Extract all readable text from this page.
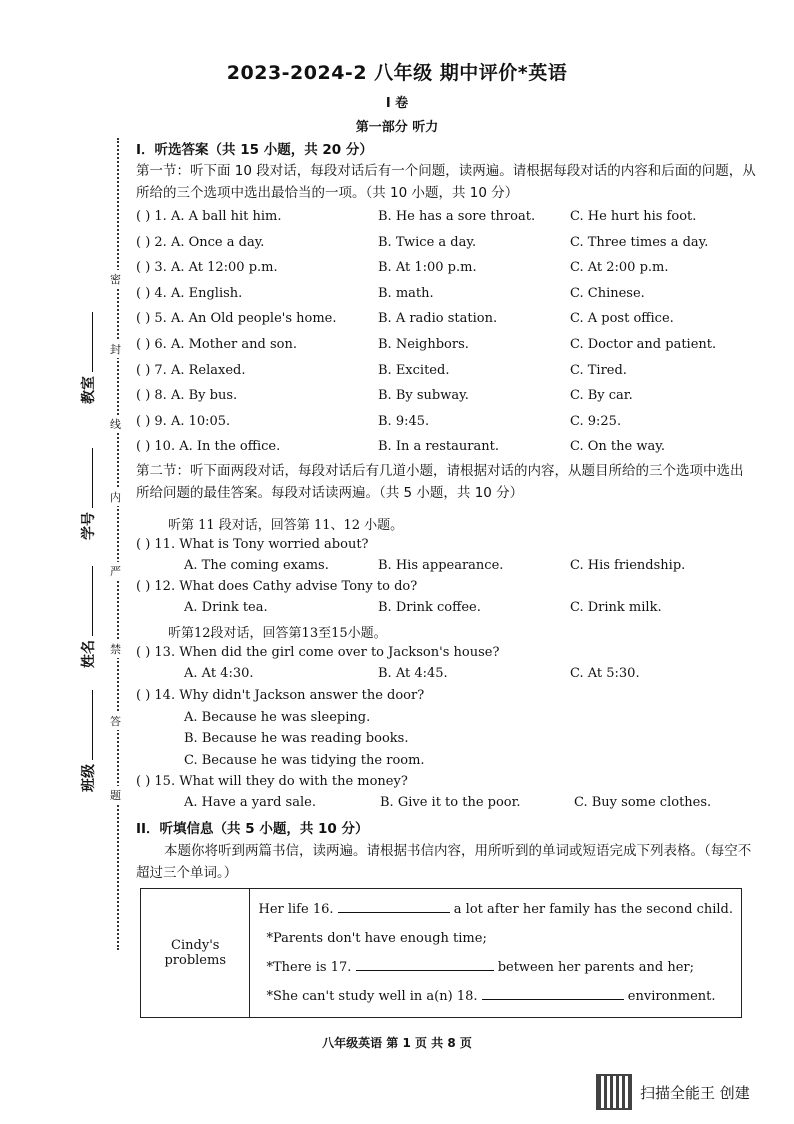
2023-2024-2 八年级 期中评价*英语
I 卷
第一部分 听力
密
封
线
内
严
禁
答
题
教室
学号
姓名
班级
I．听选答案（共 15 小题，共 20 分）
第一节：听下面 10 段对话，每段对话后有一个问题，读两遍。请根据每段对话的内容和后面的问题，从所给的三个选项中选出最恰当的一项。（共 10 小题，共 10 分）
( ) 1. A. A ball hit him.	B. He has a sore throat.	C. He hurt his foot.
( ) 2. A. Once a day.	B. Twice a day.	C. Three times a day.
( ) 3. A. At 12:00 p.m.	B. At 1:00 p.m.	C. At 2:00 p.m.
( ) 4. A. English.	B. math.	C. Chinese.
( ) 5. A. An Old people's home.	B. A radio station.	C. A post office.
( ) 6. A. Mother and son.	B. Neighbors.	C. Doctor and patient.
( ) 7. A. Relaxed.	B. Excited.	C. Tired.
( ) 8. A. By bus.	B. By subway.	C. By car.
( ) 9. A. 10:05.	B. 9:45.	C. 9:25.
( ) 10. A. In the office.	B. In a restaurant.	C. On the way.
第二节：听下面两段对话，每段对话后有几道小题，请根据对话的内容，从题目所给的三个选项中选出所给问题的最佳答案。每段对话读两遍。（共 5 小题，共 10 分）
听第 11 段对话，回答第 11、12 小题。
( ) 11. What is Tony worried about?
A. The coming exams.	B. His appearance.	C. His friendship.
( ) 12. What does Cathy advise Tony to do?
A. Drink tea.	B. Drink coffee.	C. Drink milk.
听第12段对话，回答第13至15小题。
( ) 13. When did the girl come over to Jackson's house?
A. At 4:30.	B. At 4:45.	C. At 5:30.
( ) 14. Why didn't Jackson answer the door?
A. Because he was sleeping.
B. Because he was reading books.
C. Because he was tidying the room.
( ) 15. What will they do with the money?
A. Have a yard sale.	B. Give it to the poor.	C. Buy some clothes.
II．听填信息（共 5 小题，共 10 分）
本题你将听到两篇书信，读两遍。请根据书信内容，用所听到的单词或短语完成下列表格。（每空不超过三个单词。）
Cindy's problems	
Her life 16.	a lot after her family has the second child.
*Parents don't have enough time;
*There is 17.	between her parents and her;
*She can't study well in a(n) 18.	environment.
八年级英语 第 1 页 共 8 页
扫描全能王 创建
